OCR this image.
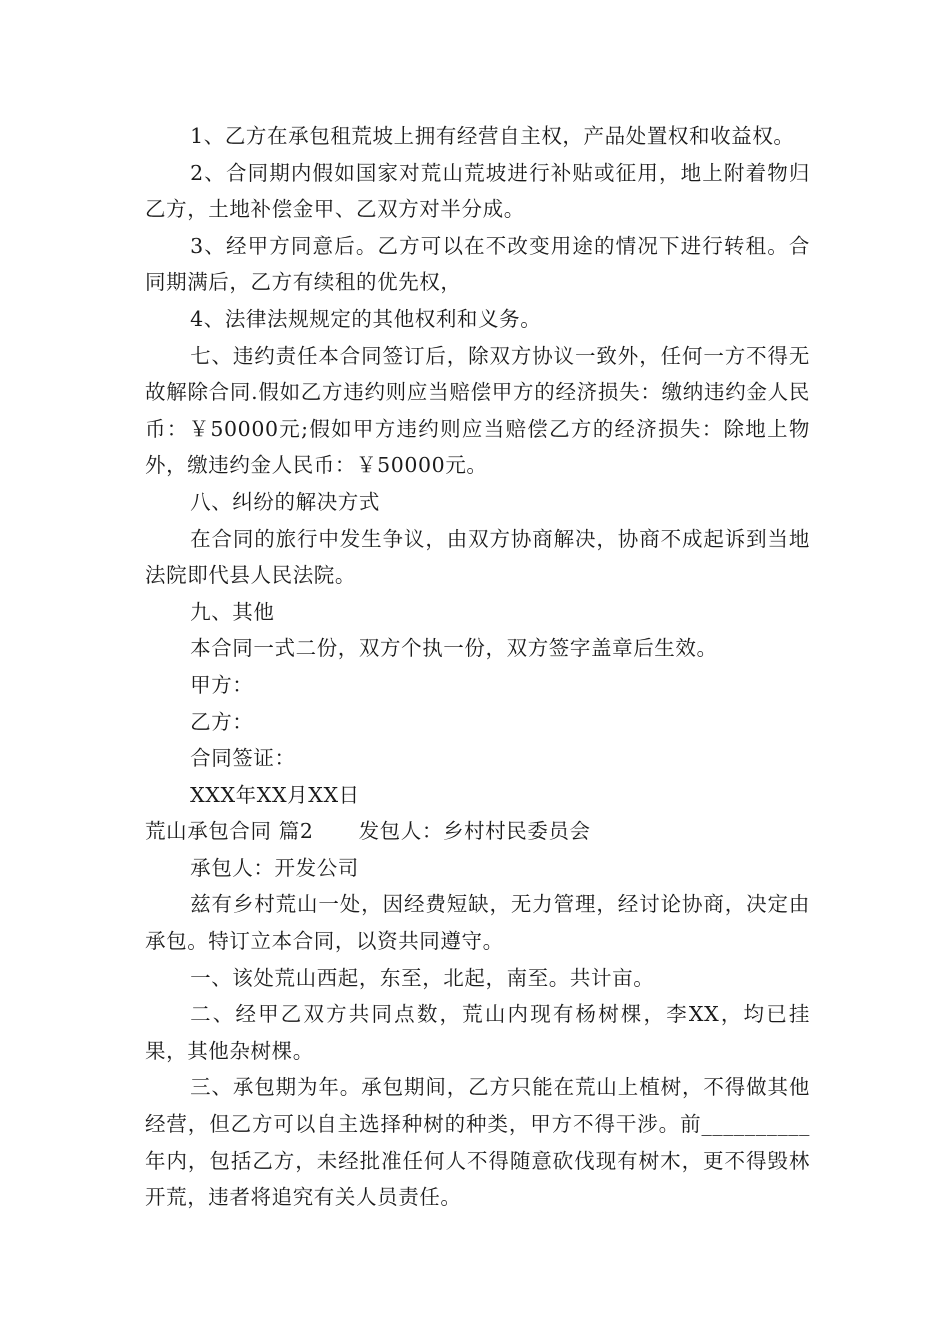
1、乙方在承包租荒坡上拥有经营自主权，产品处置权和收益权。

2、合同期内假如国家对荒山荒坡进行补贴或征用，地上附着物归乙方，土地补偿金甲、乙双方对半分成。

3、经甲方同意后。乙方可以在不改变用途的情况下进行转租。合同期满后，乙方有续租的优先权，

4、法律法规规定的其他权利和义务。

七、违约责任本合同签订后，除双方协议一致外，任何一方不得无故解除合同.假如乙方违约则应当赔偿甲方的经济损失：缴纳违约金人民币：￥50000元;假如甲方违约则应当赔偿乙方的经济损失：除地上物外，缴违约金人民币：￥50000元。

八、纠纷的解决方式

在合同的旅行中发生争议，由双方协商解决，协商不成起诉到当地法院即代县人民法院。

九、其他

本合同一式二份，双方个执一份，双方签字盖章后生效。

甲方：

乙方：

合同签证：

XXX年XX月XX日

荒山承包合同 篇2 发包人：乡村村民委员会

承包人：开发公司

兹有乡村荒山一处，因经费短缺，无力管理，经讨论协商，决定由承包。特订立本合同，以资共同遵守。

一、该处荒山西起，东至，北起，南至。共计亩。

二、经甲乙双方共同点数，荒山内现有杨树棵，李XX，均已挂果，其他杂树棵。

三、承包期为年。承包期间，乙方只能在荒山上植树，不得做其他经营，但乙方可以自主选择种树的种类，甲方不得干涉。前__________年内，包括乙方，未经批准任何人不得随意砍伐现有树木，更不得毁林开荒，违者将追究有关人员责任。
